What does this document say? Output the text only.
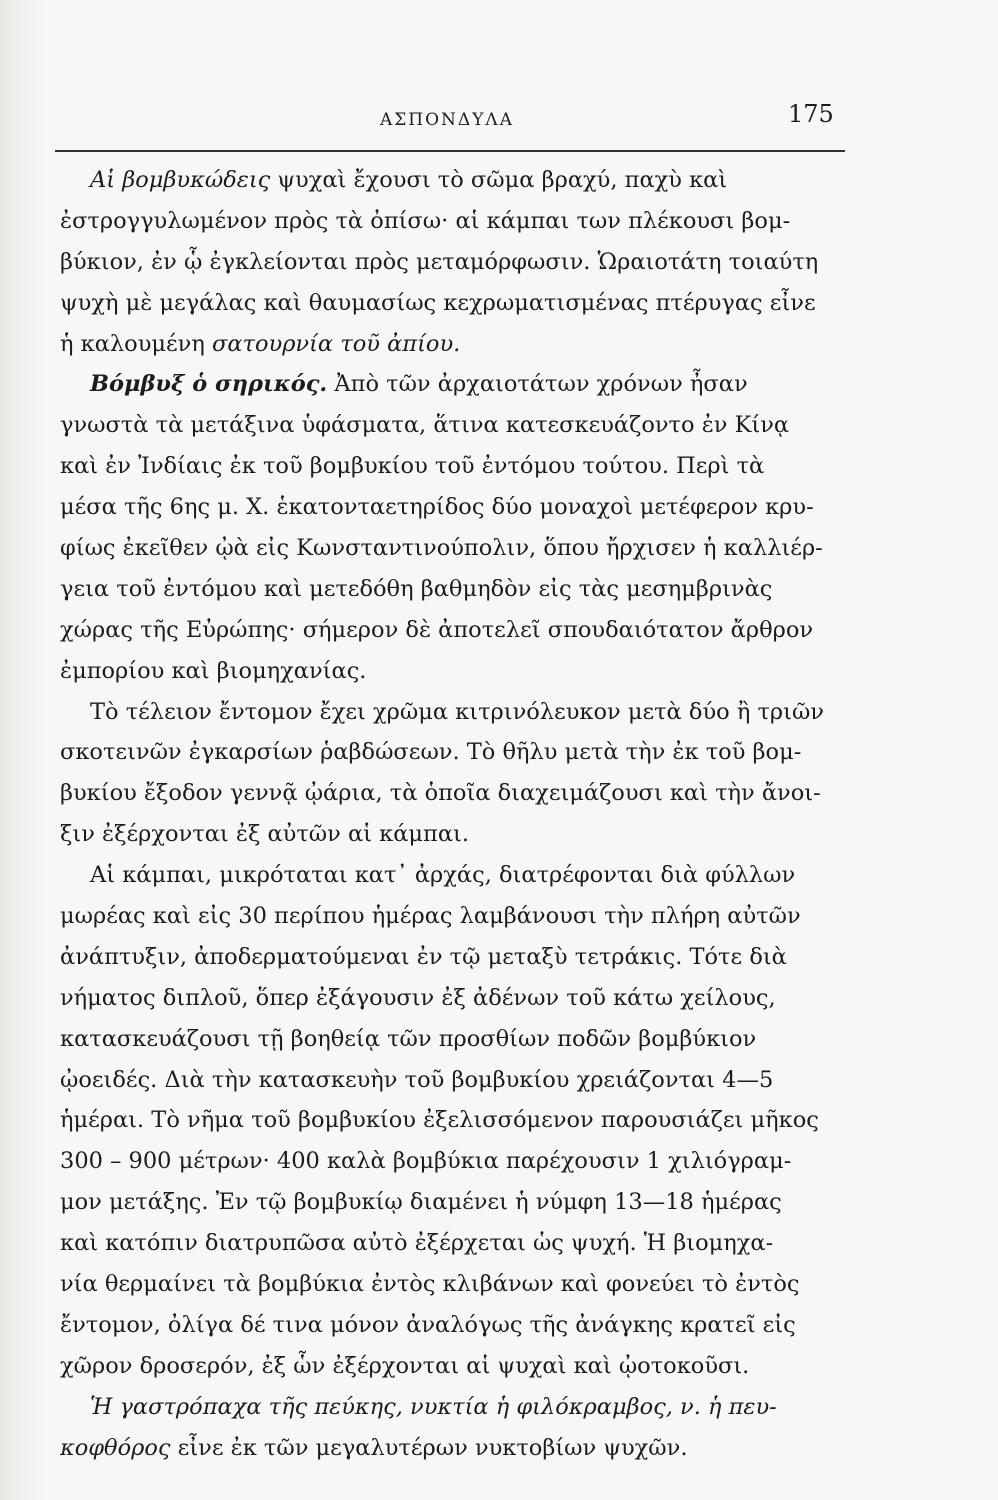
ΑΣΠΟΝΔΥΛΑ	175
Αἱ βομβυκώδεις ψυχαὶ ἔχουσι τὸ σῶμα βραχύ, παχὺ καὶ
ἐστρογγυλωμένον πρὸς τὰ ὀπίσω· αἱ κάμπαι των πλέκουσι βομ-
βύκιον, ἐν ᾧ ἐγκλείονται πρὸς μεταμόρφωσιν. Ὡραιοτάτη τοιαύτη
ψυχὴ μὲ μεγάλας καὶ θαυμασίως κεχρωματισμένας πτέρυγας εἶνε
ἡ καλουμένη σατουρνία τοῦ ἀπίου.
Βόμβυξ ὁ σηρικός. Ἀπὸ τῶν ἀρχαιοτάτων χρόνων ἦσαν
γνωστὰ τὰ μετάξινα ὑφάσματα, ἅτινα κατεσκευάζοντο ἐν Κίνᾳ
καὶ ἐν Ἰνδίαις ἐκ τοῦ βομβυκίου τοῦ ἐντόμου τούτου. Περὶ τὰ
μέσα τῆς 6ης μ. Χ. ἑκατονταετηρίδος δύο μοναχοὶ μετέφερον κρυ-
φίως ἐκεῖθεν ᾠὰ εἰς Κωνσταντινούπολιν, ὅπου ἤρχισεν ἡ καλλιέρ-
γεια τοῦ ἐντόμου καὶ μετεδόθη βαθμηδὸν εἰς τὰς μεσημβρινὰς
χώρας τῆς Εὐρώπης· σήμερον δὲ ἀποτελεῖ σπουδαιότατον ἄρθρον
ἐμπορίου καὶ βιομηχανίας.
Τὸ τέλειον ἔντομον ἔχει χρῶμα κιτρινόλευκον μετὰ δύο ἢ τριῶν
σκοτεινῶν ἐγκαρσίων ῥαβδώσεων. Τὸ θῆλυ μετὰ τὴν ἐκ τοῦ βομ-
βυκίου ἔξοδον γεννᾷ ᾠάρια, τὰ ὁποῖα διαχειμάζουσι καὶ τὴν ἄνοι-
ξιν ἐξέρχονται ἐξ αὐτῶν αἱ κάμπαι.
Αἱ κάμπαι, μικρόταται κατ᾽ ἀρχάς, διατρέφονται διὰ φύλλων
μωρέας καὶ εἰς 30 περίπου ἡμέρας λαμβάνουσι τὴν πλήρη αὐτῶν
ἀνάπτυξιν, ἀποδερματούμεναι ἐν τῷ μεταξὺ τετράκις. Τότε διὰ
νήματος διπλοῦ, ὅπερ ἐξάγουσιν ἐξ ἀδένων τοῦ κάτω χείλους,
κατασκευάζουσι τῇ βοηθείᾳ τῶν προσθίων ποδῶν βομβύκιον
ᾠοειδές. Διὰ τὴν κατασκευὴν τοῦ βομβυκίου χρειάζονται 4—5
ἡμέραι. Τὸ νῆμα τοῦ βομβυκίου ἐξελισσόμενον παρουσιάζει μῆκος
300 – 900 μέτρων· 400 καλὰ βομβύκια παρέχουσιν 1 χιλιόγραμ-
μον μετάξης. Ἐν τῷ βομβυκίῳ διαμένει ἡ νύμφη 13—18 ἡμέρας
καὶ κατόπιν διατρυπῶσα αὐτὸ ἐξέρχεται ὡς ψυχή. Ἡ βιομηχα-
νία θερμαίνει τὰ βομβύκια ἐντὸς κλιβάνων καὶ φονεύει τὸ ἐντὸς
ἔντομον, ὀλίγα δέ τινα μόνον ἀναλόγως τῆς ἀνάγκης κρατεῖ εἰς
χῶρον δροσερόν, ἐξ ὧν ἐξέρχονται αἱ ψυχαὶ καὶ ᾠοτοκοῦσι.
Ἡ γαστρόπαχα τῆς πεύκης, νυκτία ἡ φιλόκραμβος, ν. ἡ πευ-
κοφθόρος εἶνε ἐκ τῶν μεγαλυτέρων νυκτοβίων ψυχῶν.
